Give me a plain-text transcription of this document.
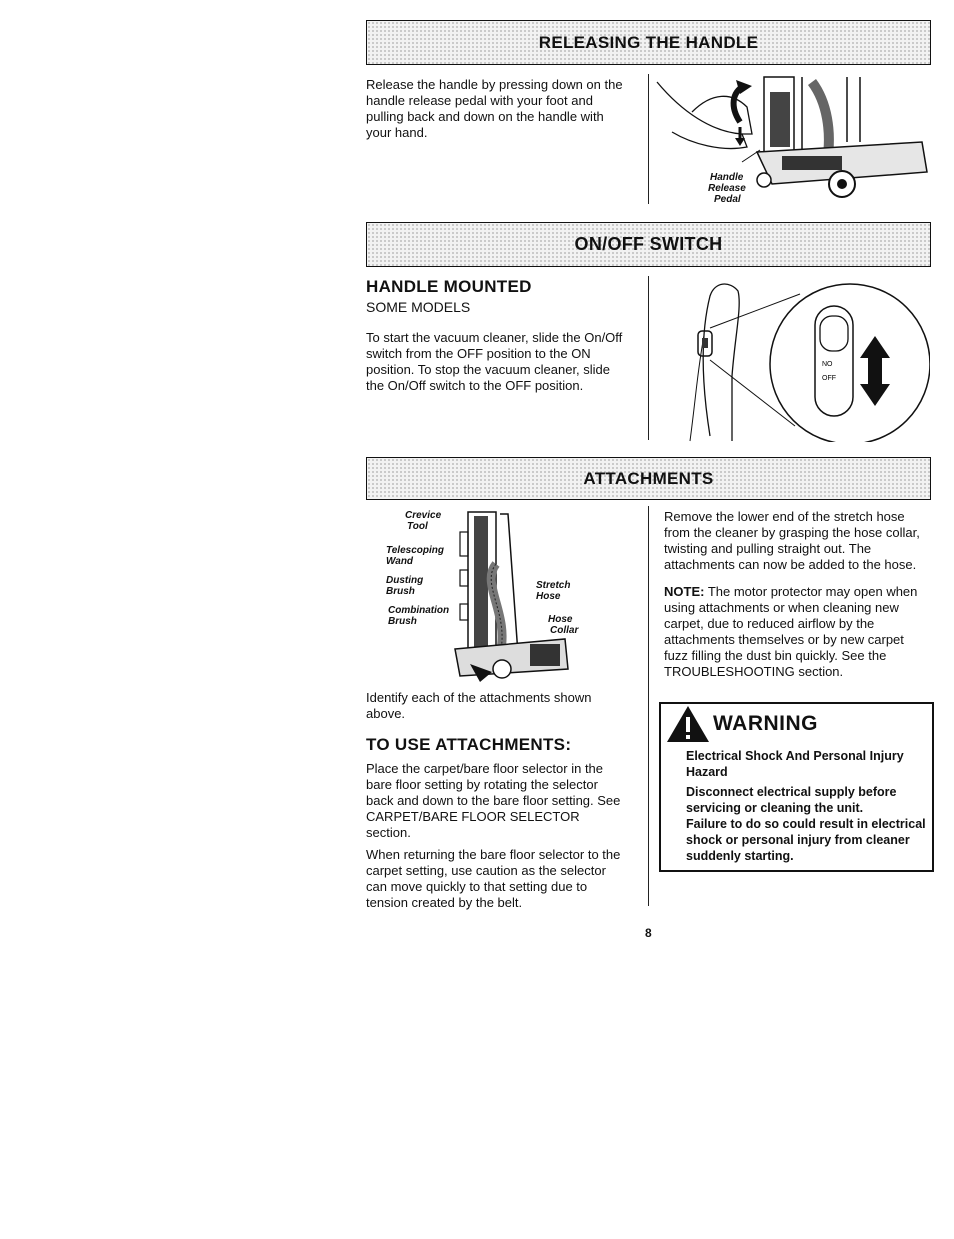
RELEASING THE HANDLE

Release the handle by pressing down on the handle release pedal with your foot and pulling back and down on the handle with your hand.

Handle
Release
Pedal
ON/OFF SWITCH
HANDLE MOUNTED
SOME MODELS

To start the vacuum cleaner, slide the On/Off switch from the OFF position to the ON position. To stop the vacuum cleaner, slide the On/Off switch to the OFF position.

NO
OFF
ATTACHMENTS
Crevice
Tool
Telescoping
Wand
Dusting
Brush
Combination
Brush
Stretch
Hose
Hose
Collar

Identify each of the attachments shown above.

TO USE ATTACHMENTS:

Place the carpet/bare floor selector in the bare floor setting by rotating the selector back and down to the bare floor setting. See CARPET/BARE FLOOR SELECTOR section.

When returning the bare floor selector to the carpet setting, use caution as the selector can move quickly to that setting due to tension created by the belt.

Remove the lower end of the stretch hose from the cleaner by grasping the hose collar, twisting and pulling straight out. The attachments can now be added to the hose.

NOTE: The motor protector may open when using attachments or when cleaning new carpet, due to reduced airflow by the attachments themselves or by new carpet fuzz filling the dust bin quickly. See the TROUBLESHOOTING section.

WARNING

Electrical Shock And Personal Injury Hazard

Disconnect electrical supply before servicing or cleaning the unit.

Failure to do so could result in electrical shock or personal injury from cleaner suddenly starting.

8
